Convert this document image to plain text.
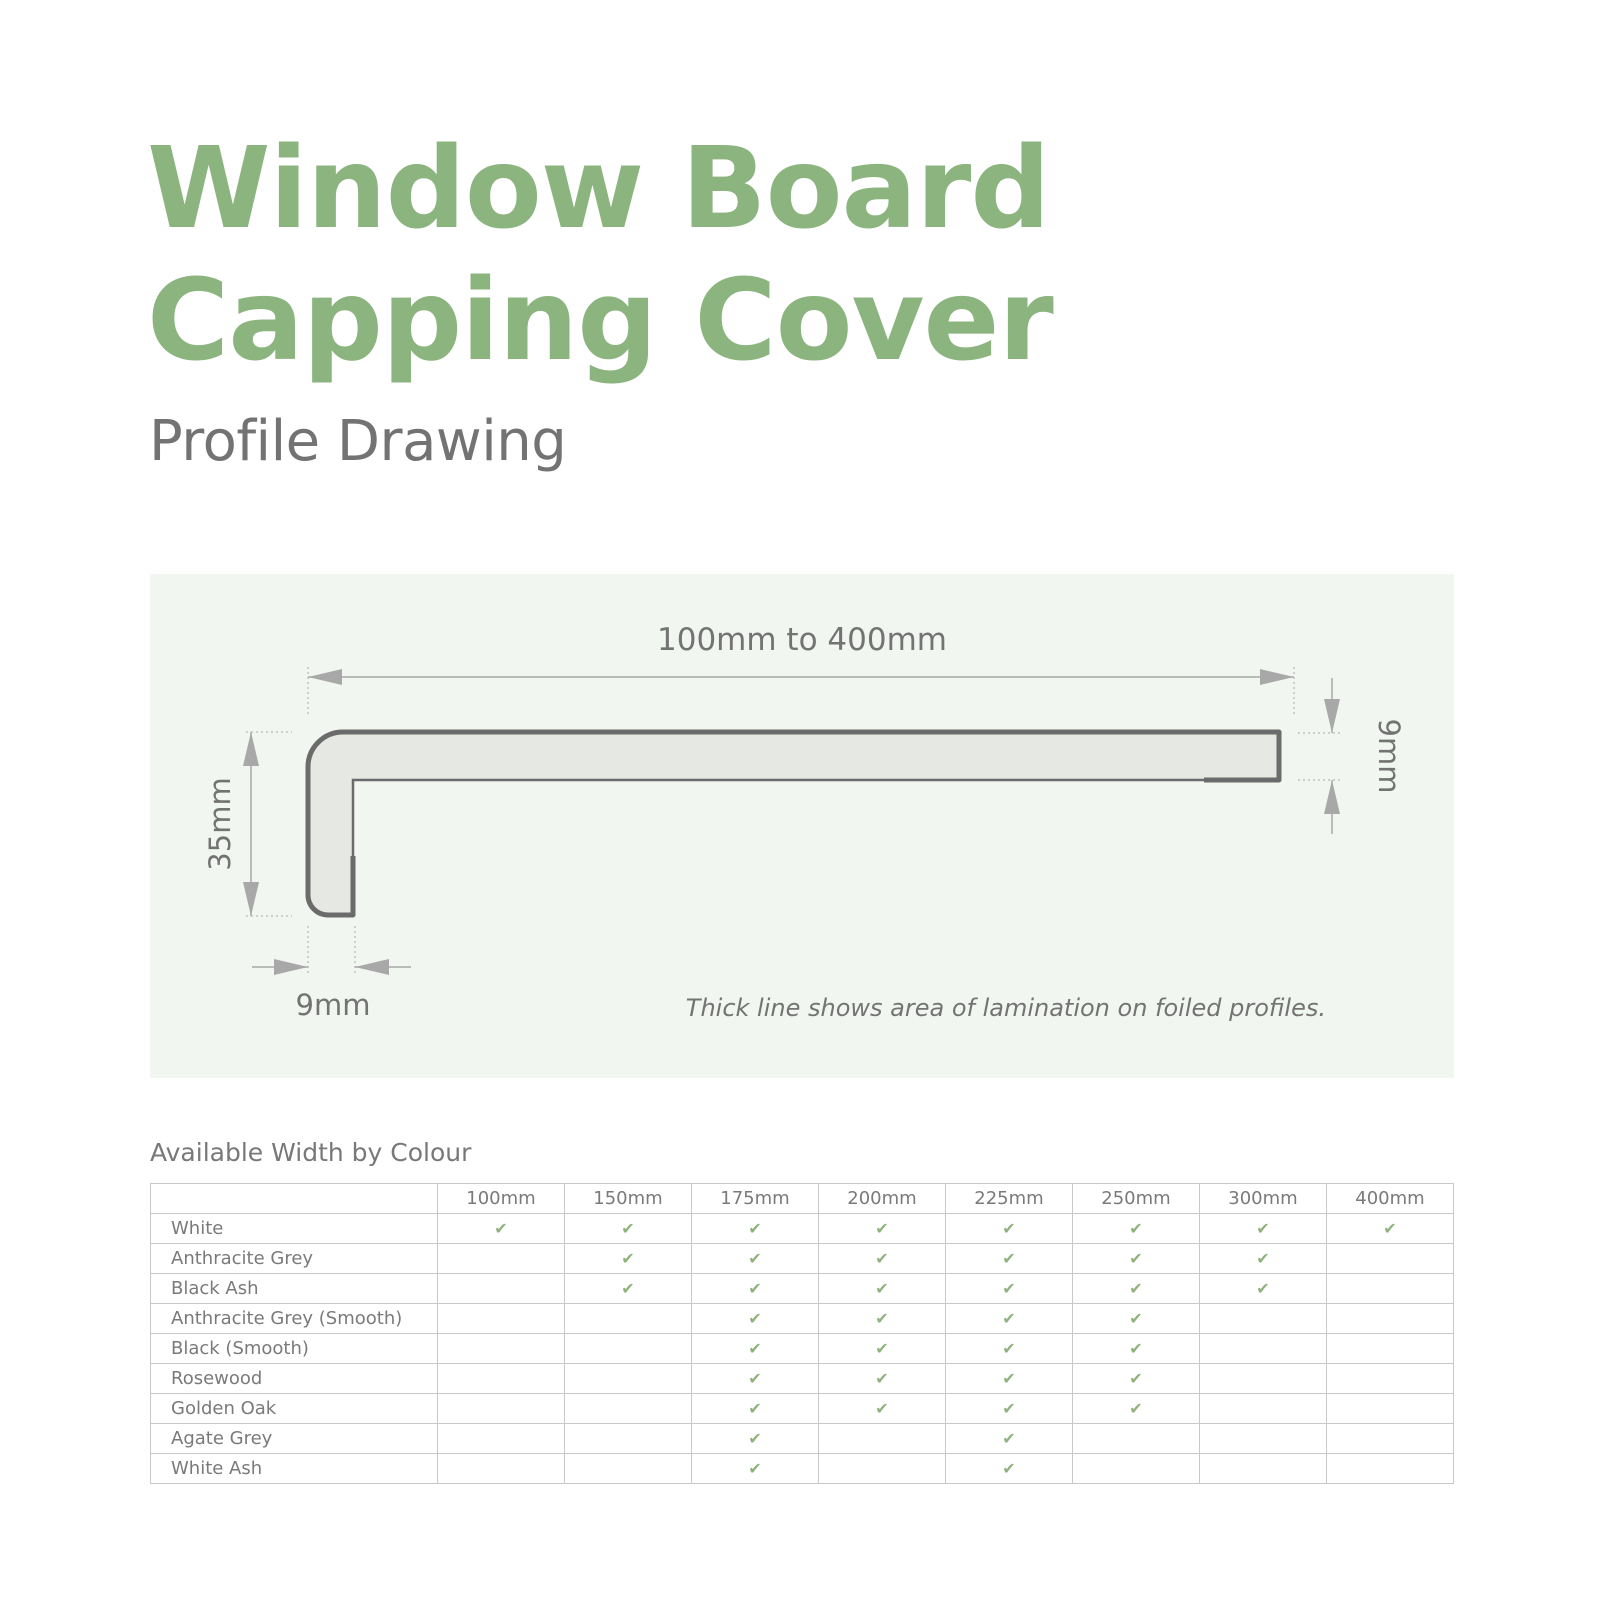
Window Board
Capping Cover
Profile Drawing
100mm to 400mm
35mm
9mm
9mm
Thick line shows area of lamination on foiled profiles.
Available Width by Colour
	100mm	150mm	175mm	200mm	225mm	250mm	300mm	400mm
White	✔	✔	✔	✔	✔	✔	✔	✔
Anthracite Grey		✔	✔	✔	✔	✔	✔	
Black Ash		✔	✔	✔	✔	✔	✔	
Anthracite Grey (Smooth)			✔	✔	✔	✔		
Black (Smooth)			✔	✔	✔	✔		
Rosewood			✔	✔	✔	✔		
Golden Oak			✔	✔	✔	✔		
Agate Grey			✔		✔			
White Ash			✔		✔			
